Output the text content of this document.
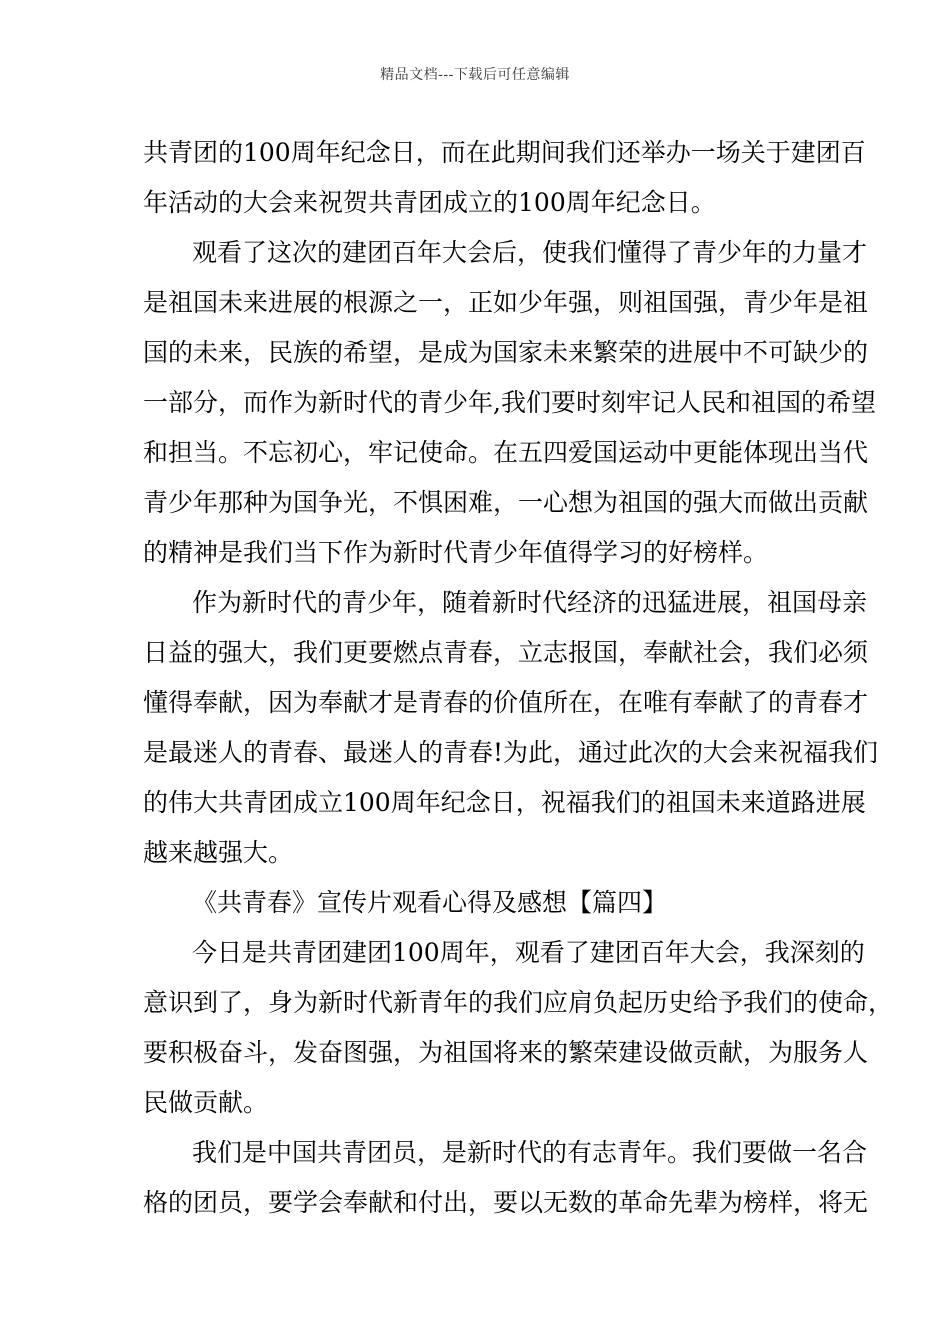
精品文档---下载后可任意编辑
共青团的100周年纪念日，而在此期间我们还举办一场关于建团百
年活动的大会来祝贺共青团成立的100周年纪念日。
观看了这次的建团百年大会后，使我们懂得了青少年的力量才
是祖国未来进展的根源之一，正如少年强，则祖国强，青少年是祖
国的未来，民族的希望，是成为国家未来繁荣的进展中不可缺少的
一部分，而作为新时代的青少年,我们要时刻牢记人民和祖国的希望
和担当。不忘初心，牢记使命。在五四爱国运动中更能体现出当代
青少年那种为国争光，不惧困难，一心想为祖国的强大而做出贡献
的精神是我们当下作为新时代青少年值得学习的好榜样。
作为新时代的青少年，随着新时代经济的迅猛进展，祖国母亲
日益的强大，我们更要燃点青春，立志报国，奉献社会，我们必须
懂得奉献，因为奉献才是青春的价值所在，在唯有奉献了的青春才
是最迷人的青春、最迷人的青春!为此，通过此次的大会来祝福我们
的伟大共青团成立100周年纪念日，祝福我们的祖国未来道路进展
越来越强大。
《共青春》宣传片观看心得及感想【篇四】
今日是共青团建团100周年，观看了建团百年大会，我深刻的
意识到了，身为新时代新青年的我们应肩负起历史给予我们的使命，
要积极奋斗，发奋图强，为祖国将来的繁荣建设做贡献，为服务人
民做贡献。
我们是中国共青团员，是新时代的有志青年。我们要做一名合
格的团员，要学会奉献和付出，要以无数的革命先辈为榜样，将无
